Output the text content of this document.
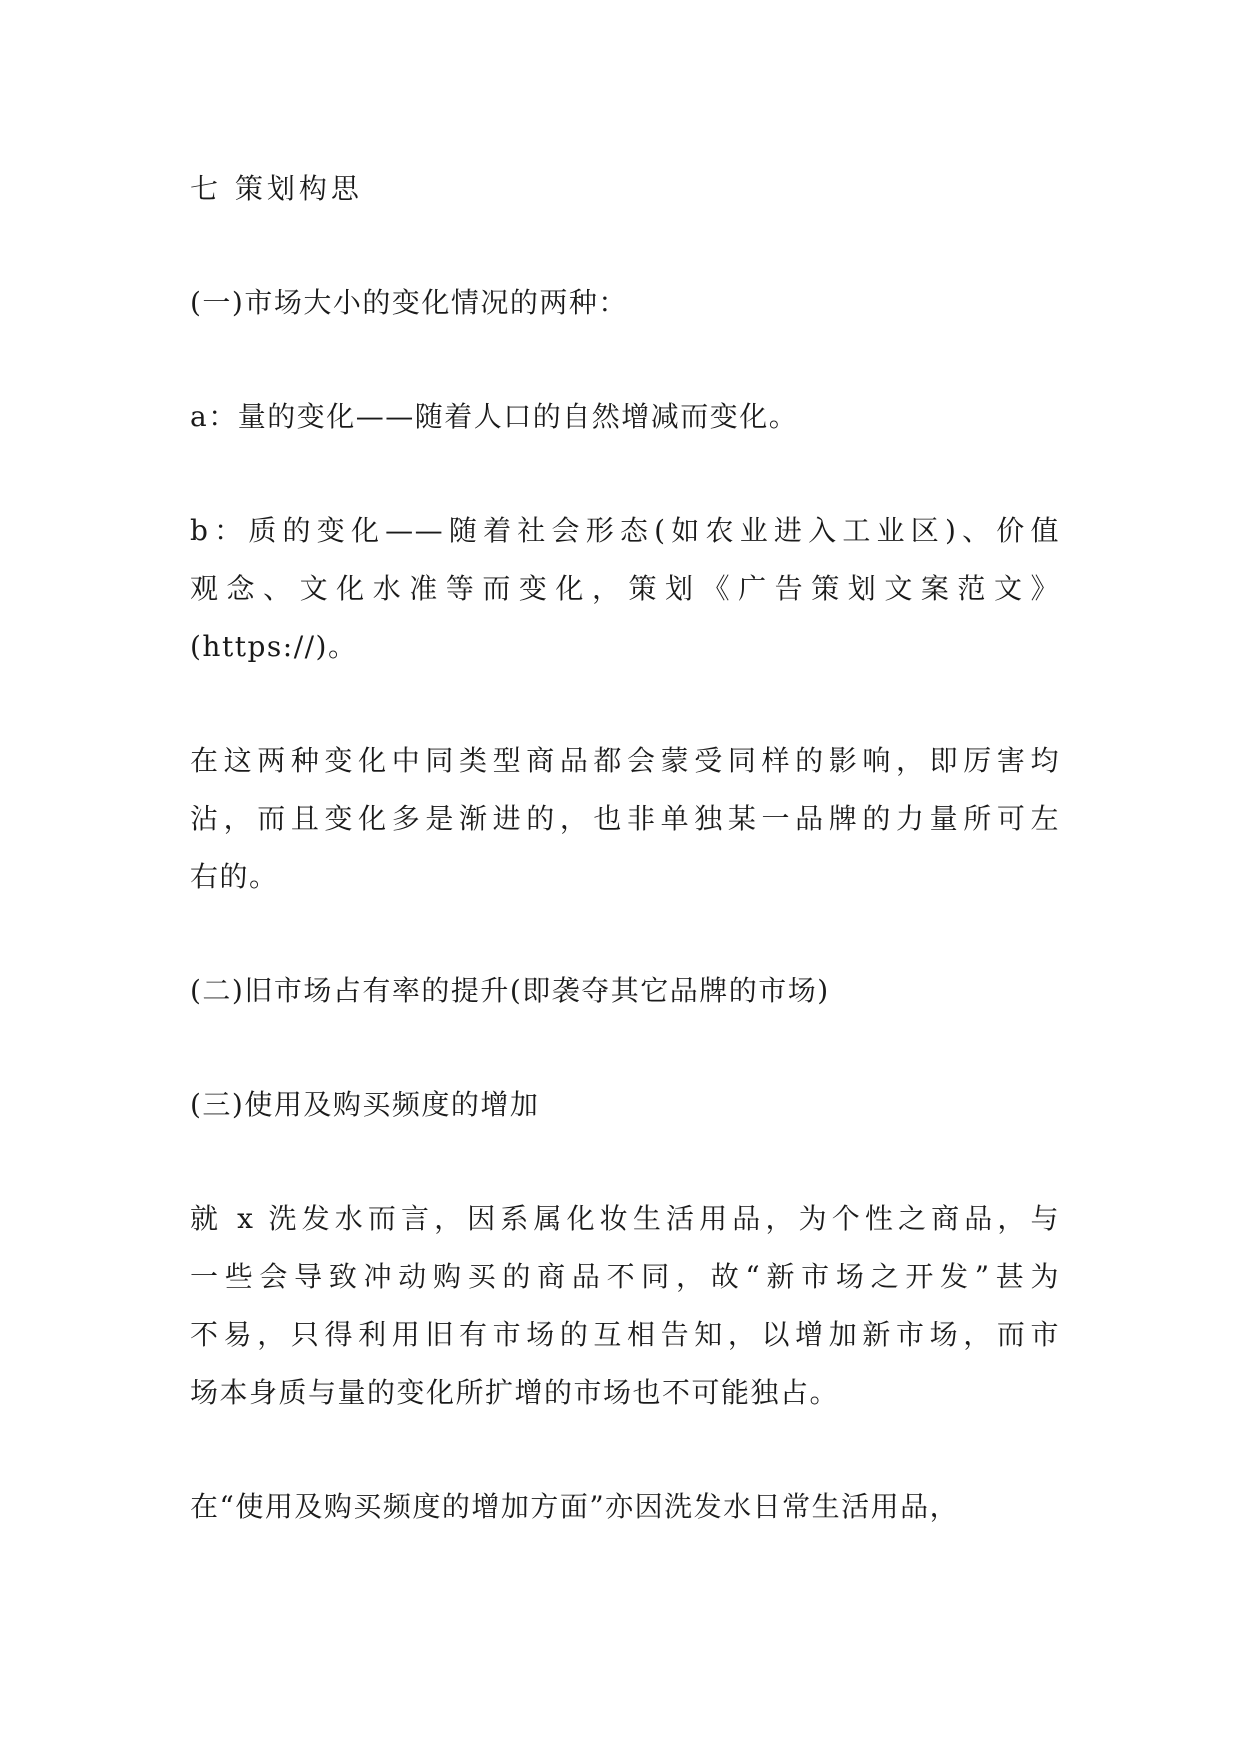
七 策划构思
(一)市场大小的变化情况的两种：
a：量的变化——随着人口的自然增减而变化。
b：质的变化——随着社会形态(如农业进入工业区)、价值
观念、文化水准等而变化，策划《广告策划文案范文》
(https://)。
在这两种变化中同类型商品都会蒙受同样的影响，即厉害均
沾，而且变化多是渐进的，也非单独某一品牌的力量所可左
右的。
(二)旧市场占有率的提升(即袭夺其它品牌的市场)
(三)使用及购买频度的增加
就 x 洗发水而言，因系属化妆生活用品，为个性之商品，与
一些会导致冲动购买的商品不同，故“新市场之开发”甚为
不易，只得利用旧有市场的互相告知，以增加新市场，而市
场本身质与量的变化所扩增的市场也不可能独占。
在“使用及购买频度的增加方面”亦因洗发水日常生活用品，
